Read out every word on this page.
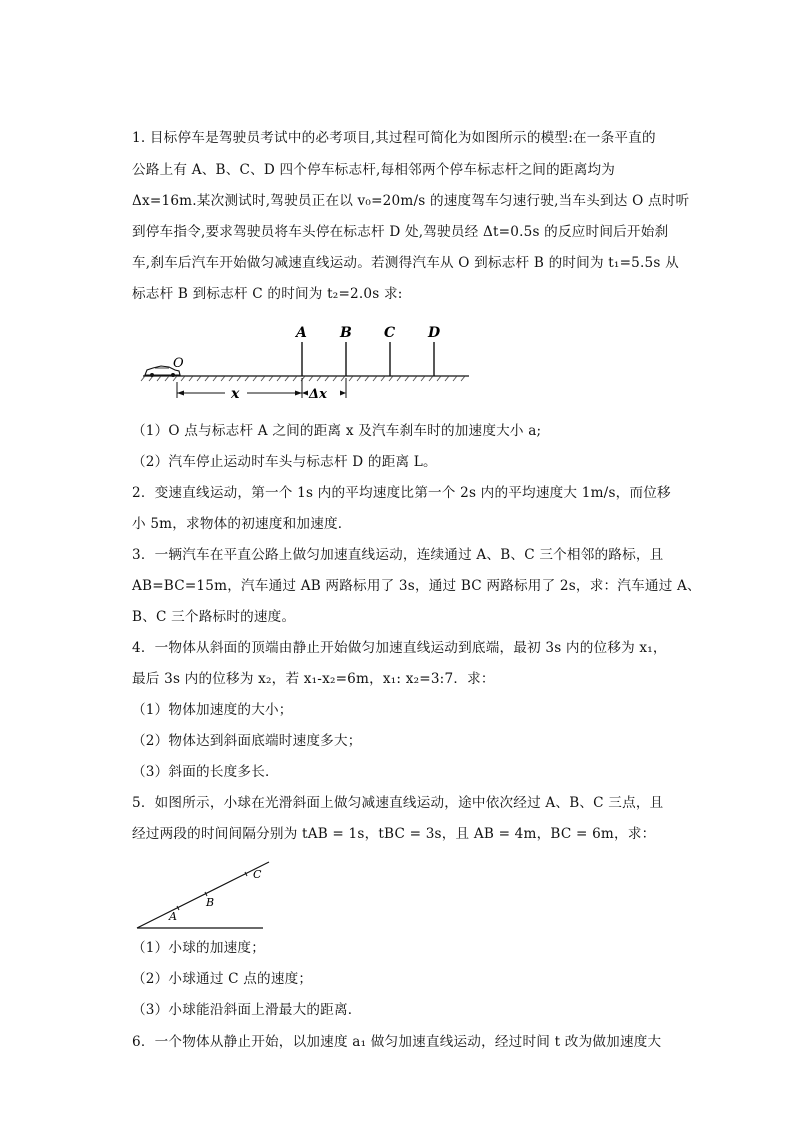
1. 目标停车是驾驶员考试中的必考项目,其过程可简化为如图所示的模型:在一条平直的
公路上有 A、B、C、D 四个停车标志杆,每相邻两个停车标志杆之间的距离均为
Δx=16m.某次测试时,驾驶员正在以 v₀=20m/s 的速度驾车匀速行驶,当车头到达 O 点时听
到停车指令,要求驾驶员将车头停在标志杆 D 处,驾驶员经 Δt=0.5s 的反应时间后开始刹
车,刹车后汽车开始做匀减速直线运动。若测得汽车从 O 到标志杆 B 的时间为 t₁=5.5s 从
标志杆 B 到标志杆 C 的时间为 t₂=2.0s 求:
O
A B C D
x	Δx
（1）O 点与标志杆 A 之间的距离 x 及汽车刹车时的加速度大小 a;
（2）汽车停止运动时车头与标志杆 D 的距离 L。
2．变速直线运动，第一个 1s 内的平均速度比第一个 2s 内的平均速度大 1m/s，而位移
小 5m，求物体的初速度和加速度．
3．一辆汽车在平直公路上做匀加速直线运动，连续通过 A、B、C 三个相邻的路标，且
AB=BC=15m，汽车通过 AB 两路标用了 3s，通过 BC 两路标用了 2s，求：汽车通过 A、
B、C 三个路标时的速度。
4．一物体从斜面的顶端由静止开始做匀加速直线运动到底端，最初 3s 内的位移为 x₁，
最后 3s 内的位移为 x₂，若 x₁-x₂=6m，x₁: x₂=3:7．求：
（1）物体加速度的大小；
（2）物体达到斜面底端时速度多大；
（3）斜面的长度多长．
5．如图所示，小球在光滑斜面上做匀减速直线运动，途中依次经过 A、B、C 三点，且
经过两段的时间间隔分别为 tAB = 1s，tBC = 3s，且 AB = 4m，BC = 6m，求：
A
B
C
（1）小球的加速度；
（2）小球通过 C 点的速度；
（3）小球能沿斜面上滑最大的距离．
6．一个物体从静止开始，以加速度 a₁ 做匀加速直线运动，经过时间 t 改为做加速度大
